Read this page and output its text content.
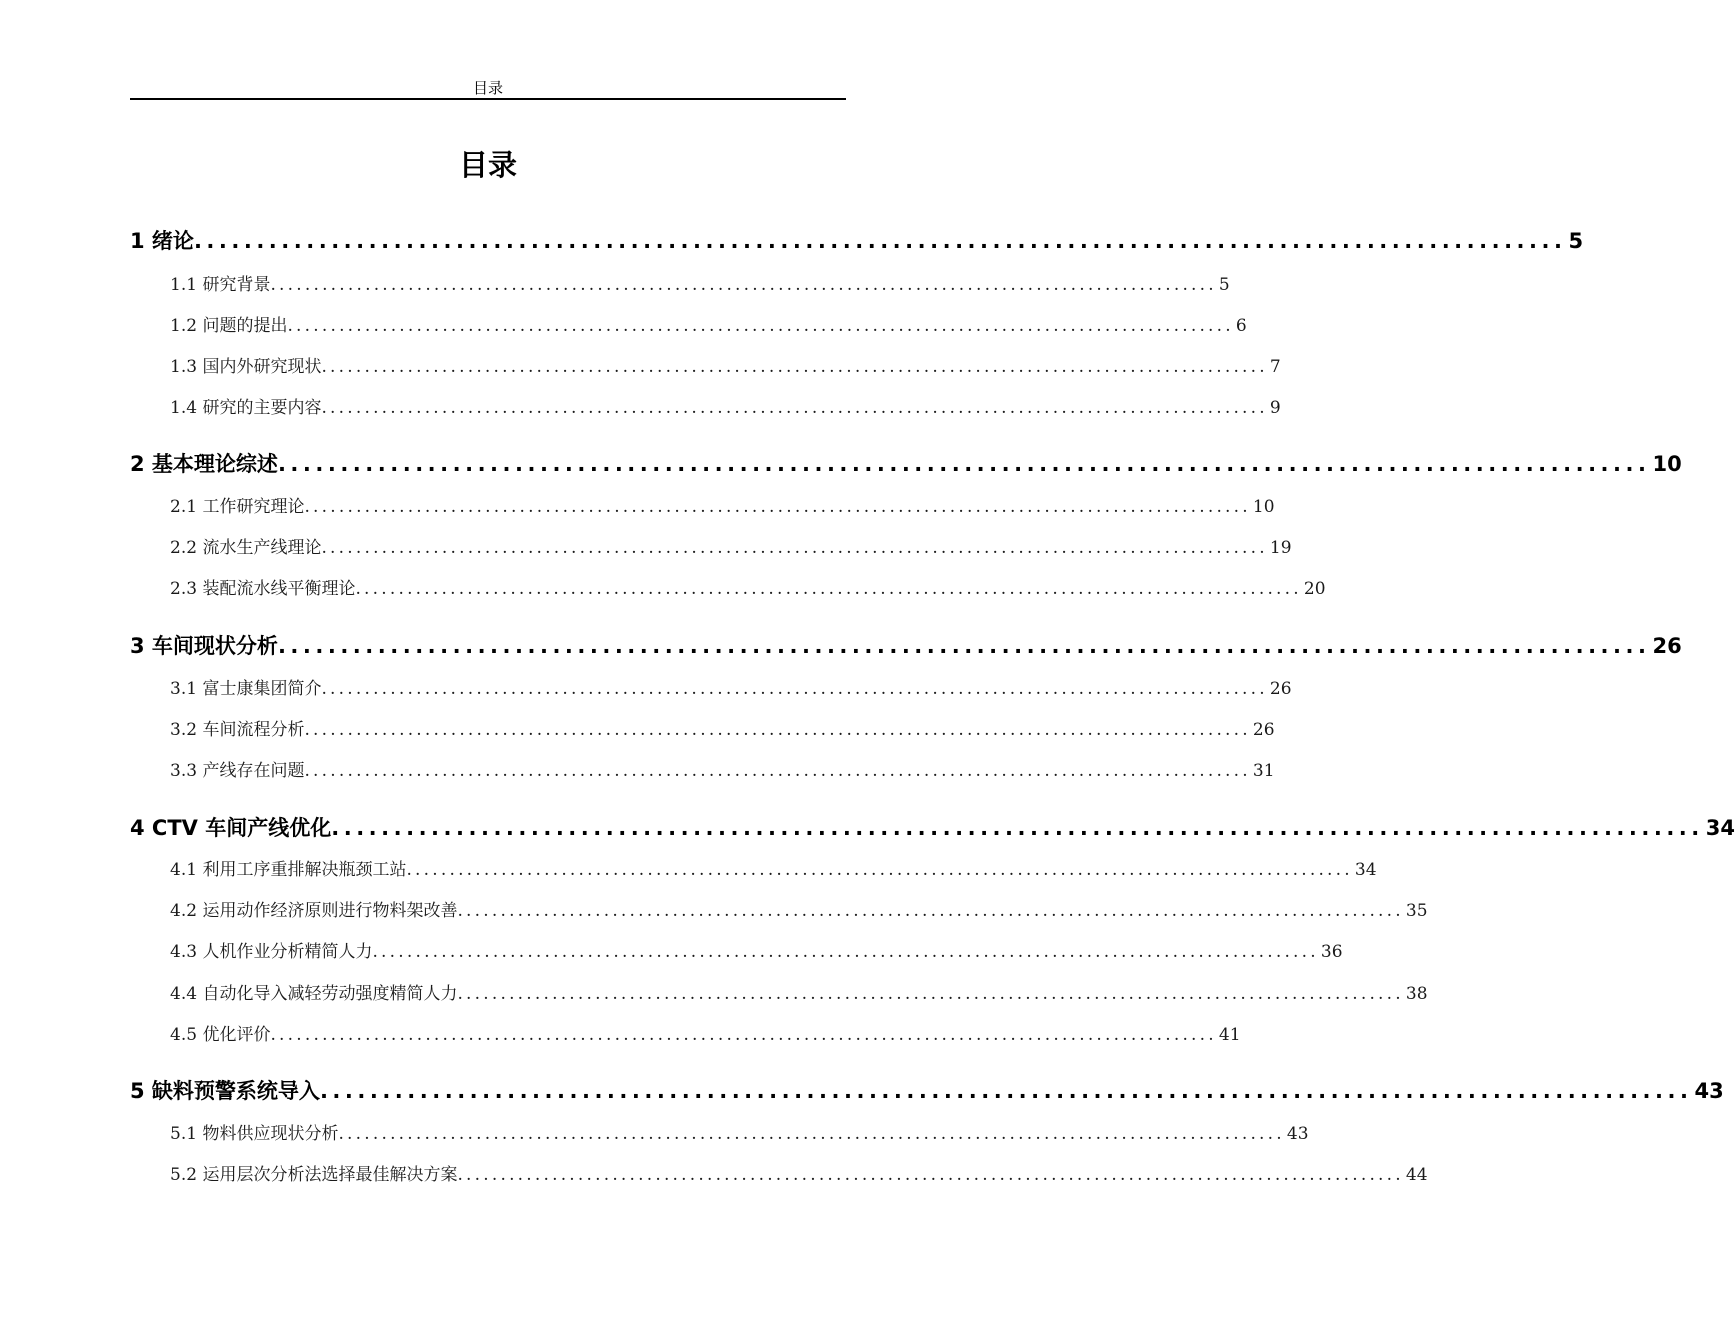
目录
目录
1 绪论 .............................................................................................................. 5
1.1 研究背景 .............................................................................................................. 5
1.2 问题的提出 .............................................................................................................. 6
1.3 国内外研究现状 .............................................................................................................. 7
1.4 研究的主要内容 .............................................................................................................. 9
2 基本理论综述 .............................................................................................................. 10
2.1 工作研究理论 .............................................................................................................. 10
2.2 流水生产线理论 .............................................................................................................. 19
2.3 装配流水线平衡理论 .............................................................................................................. 20
3 车间现状分析 .............................................................................................................. 26
3.1 富士康集团简介 .............................................................................................................. 26
3.2 车间流程分析 .............................................................................................................. 26
3.3 产线存在问题 .............................................................................................................. 31
4 CTV 车间产线优化 .............................................................................................................. 34
4.1 利用工序重排解决瓶颈工站 .............................................................................................................. 34
4.2 运用动作经济原则进行物料架改善 .............................................................................................................. 35
4.3 人机作业分析精简人力 .............................................................................................................. 36
4.4 自动化导入减轻劳动强度精简人力 .............................................................................................................. 38
4.5 优化评价 .............................................................................................................. 41
5 缺料预警系统导入 .............................................................................................................. 43
5.1 物料供应现状分析 .............................................................................................................. 43
5.2 运用层次分析法选择最佳解决方案 .............................................................................................................. 44
